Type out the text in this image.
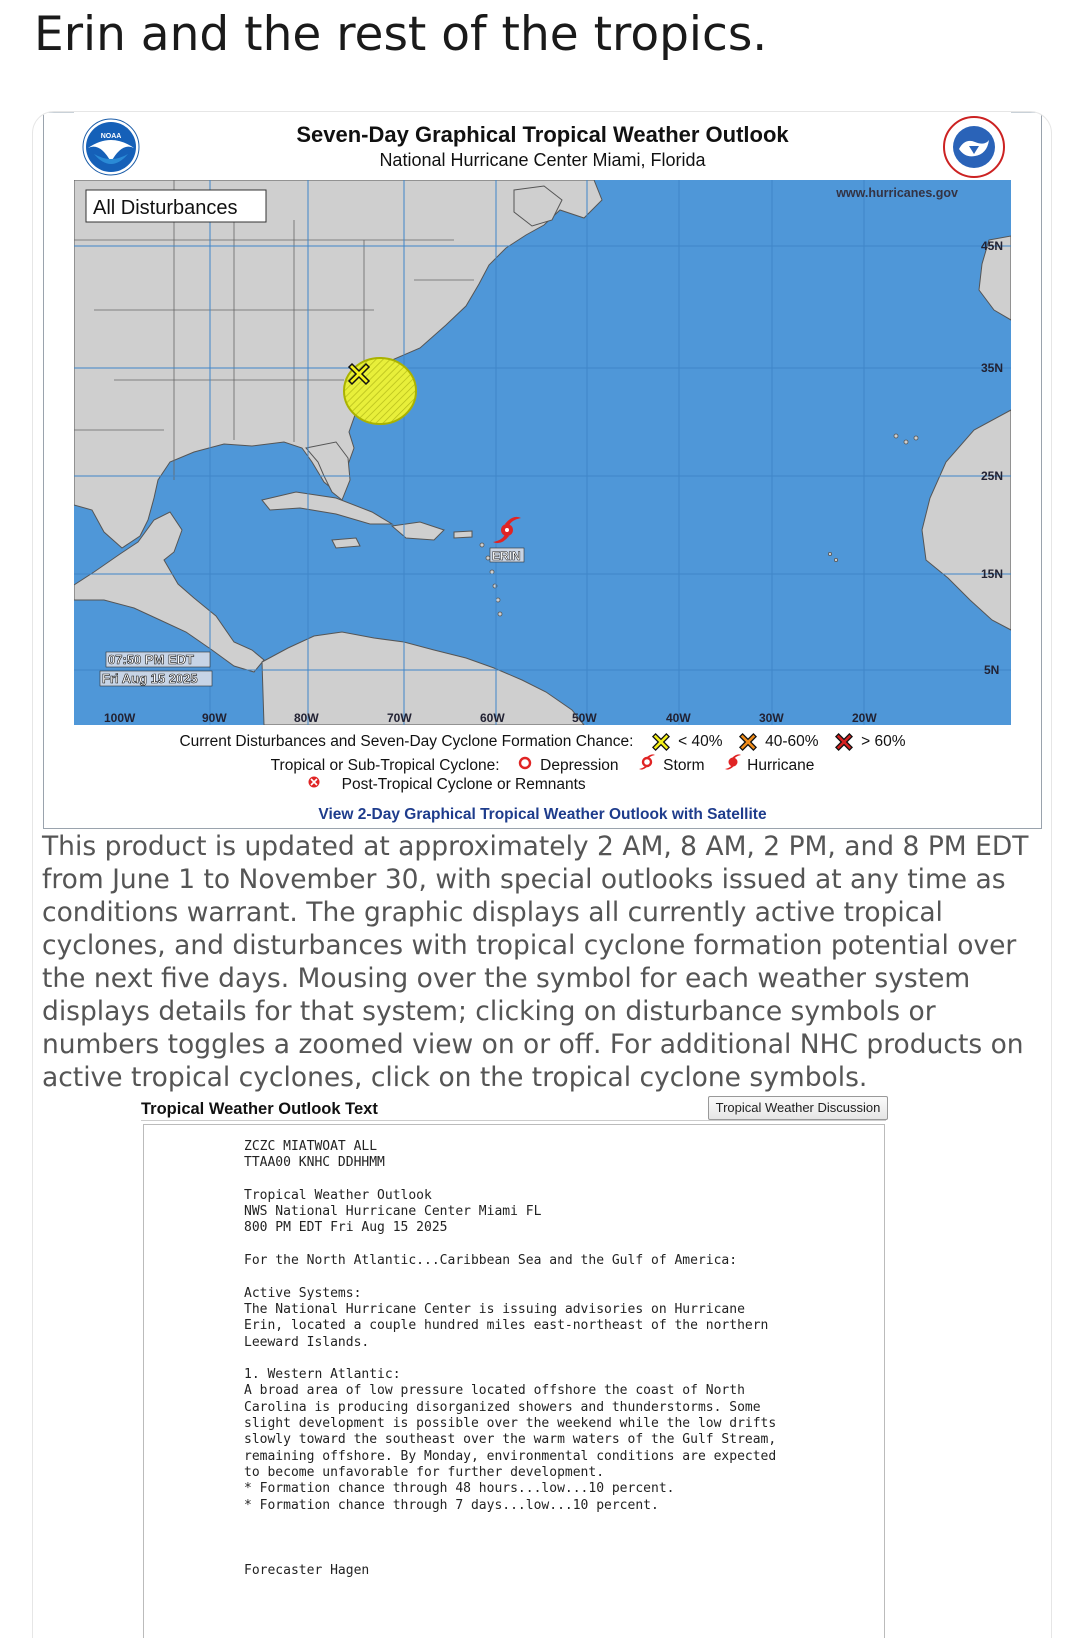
Erin and the rest of the tropics.
NOAA	Seven-Day Graphical Tropical Weather Outlook
National Hurricane Center Miami, Florida
All Disturbances
www.hurricanes.gov
45N
35N
25N
15N
5N
100W	90W	80W	70W	60W	50W	40W	30W	20W
07:50 PM EDT
Fri Aug 15 2025
ERIN
Current Disturbances and Seven-Day Cyclone Formation Chance:	< 40%	40-60%	> 60%
Tropical or Sub-Tropical Cyclone:	Depression	Storm	Hurricane
Post-Tropical Cyclone or Remnants
View 2-Day Graphical Tropical Weather Outlook with Satellite
This product is updated at approximately 2 AM, 8 AM, 2 PM, and 8 PM EDT from June 1 to November 30, with special outlooks issued at any time as conditions warrant. The graphic displays all currently active tropical cyclones, and disturbances with tropical cyclone formation potential over the next five days. Mousing over the symbol for each weather system displays details for that system; clicking on disturbance symbols or numbers toggles a zoomed view on or off. For additional NHC products on active tropical cyclones, click on the tropical cyclone symbols.
Tropical Weather Outlook Text	Tropical Weather Discussion
ZCZC MIATWOAT ALL
TTAA00 KNHC DDHHMM

Tropical Weather Outlook
NWS National Hurricane Center Miami FL
800 PM EDT Fri Aug 15 2025

For the North Atlantic...Caribbean Sea and the Gulf of America:

Active Systems:
The National Hurricane Center is issuing advisories on Hurricane
Erin, located a couple hundred miles east-northeast of the northern
Leeward Islands.

1. Western Atlantic:
A broad area of low pressure located offshore the coast of North
Carolina is producing disorganized showers and thunderstorms. Some
slight development is possible over the weekend while the low drifts
slowly toward the southeast over the warm waters of the Gulf Stream,
remaining offshore. By Monday, environmental conditions are expected
to become unfavorable for further development.
* Formation chance through 48 hours...low...10 percent.
* Formation chance through 7 days...low...10 percent.

Forecaster Hagen
